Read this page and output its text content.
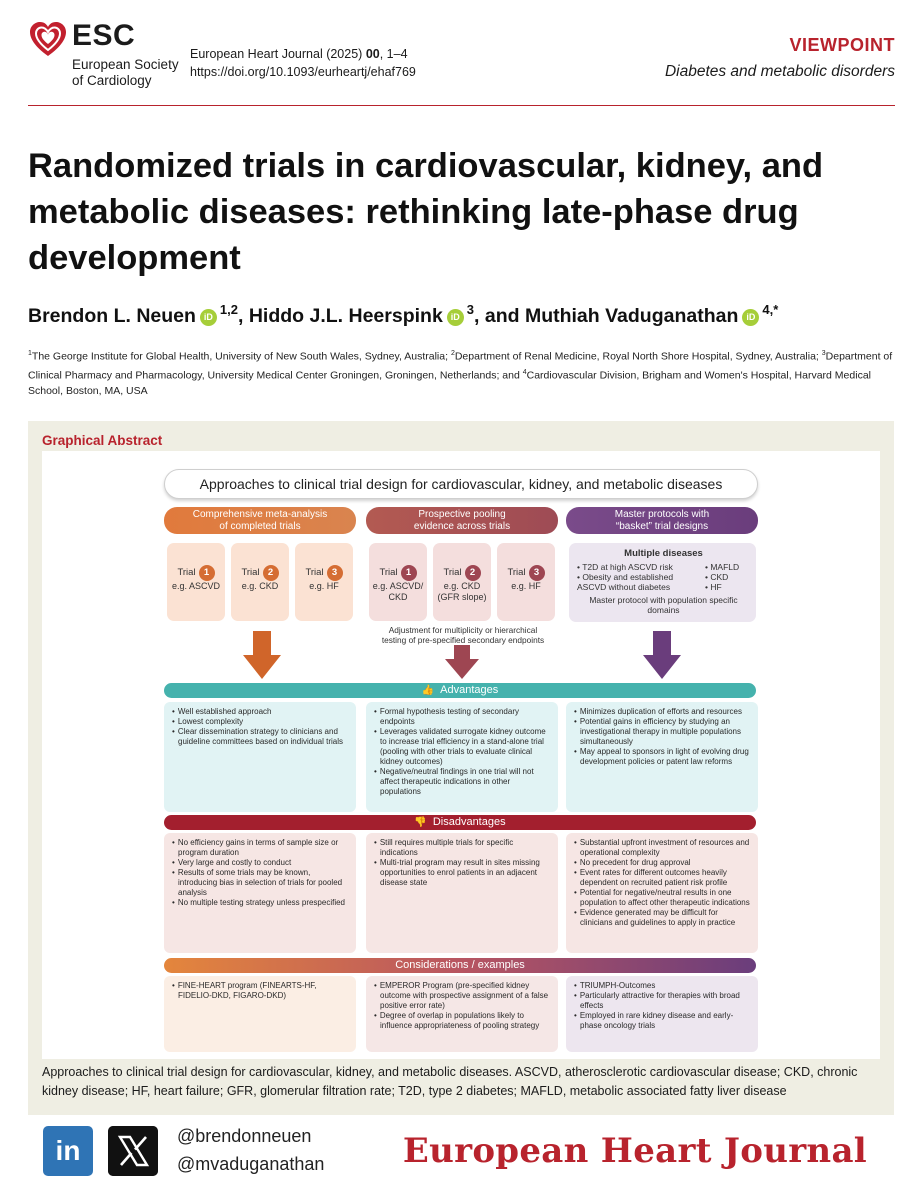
ESC
European Society of Cardiology
European Heart Journal (2025) 00, 1–4
https://doi.org/10.1093/eurheartj/ehaf769
VIEWPOINT
Diabetes and metabolic disorders
Randomized trials in cardiovascular, kidney, and metabolic diseases: rethinking late-phase drug development
Brendon L. Neuen iD $^{1,2}$, Hiddo J.L. Heerspink iD $^3$, and Muthiah Vaduganathan iD $^{4,*}$
$^1$The George Institute for Global Health, University of New South Wales, Sydney, Australia; $^2$Department of Renal Medicine, Royal North Shore Hospital, Sydney, Australia; $^3$Department of Clinical Pharmacy and Pharmacology, University Medical Center Groningen, Groningen, Netherlands; and $^4$Cardiovascular Division, Brigham and Women's Hospital, Harvard Medical School, Boston, MA, USA
Graphical Abstract
Approaches to clinical trial design for cardiovascular, kidney, and metabolic diseases
Comprehensive meta-analysis
of completed trials
Prospective pooling
evidence across trials
Master protocols with
“basket” trial designs
Trial 1
e.g. ASCVD
Trial 2
e.g. CKD
Trial 3
e.g. HF
Trial 1
e.g. ASCVD/
CKD
Trial 2
e.g. CKD
(GFR slope)
Trial 3
e.g. HF
Adjustment for multiplicity or hierarchical
testing of pre-specified secondary endpoints
Multiple diseases
• T2D at high ASCVD risk
• Obesity and established ASCVD without diabetes
• MAFLD
• CKD
• HF
Master protocol with population specific domains
👍 Advantages
• Well established approach
• Lowest complexity
• Clear dissemination strategy to clinicians and guideline committees based on individual trials
• Formal hypothesis testing of secondary endpoints
• Leverages validated surrogate kidney outcome to increase trial efficiency in a stand-alone trial (pooling with other trials to evaluate clinical kidney outcomes)
• Negative/neutral findings in one trial will not affect therapeutic indications in other populations
• Minimizes duplication of efforts and resources
• Potential gains in efficiency by studying an investigational therapy in multiple populations simultaneously
• May appeal to sponsors in light of evolving drug development policies or patent law reforms
👎 Disadvantages
• No efficiency gains in terms of sample size or program duration
• Very large and costly to conduct
• Results of some trials may be known, introducing bias in selection of trials for pooled analysis
• No multiple testing strategy unless prespecified
• Still requires multiple trials for specific indications
• Multi-trial program may result in sites missing opportunities to enrol patients in an adjacent disease state
• Substantial upfront investment of resources and operational complexity
• No precedent for drug approval
• Event rates for different outcomes heavily dependent on recruited patient risk profile
• Potential for negative/neutral results in one population to affect other therapeutic indications
• Evidence generated may be difficult for clinicians and guidelines to apply in practice
Considerations / examples
• FINE-HEART program (FINEARTS-HF, FIDELIO-DKD, FIGARO-DKD)
• EMPEROR Program (pre-specified kidney outcome with prospective assignment of a false positive error rate)
• Degree of overlap in populations likely to influence appropriateness of pooling strategy
• TRIUMPH-Outcomes
• Particularly attractive for therapies with broad effects
• Employed in rare kidney disease and early-phase oncology trials
Approaches to clinical trial design for cardiovascular, kidney, and metabolic diseases. ASCVD, atherosclerotic cardiovascular disease; CKD, chronic kidney disease; HF, heart failure; GFR, glomerular filtration rate; T2D, type 2 diabetes; MAFLD, metabolic associated fatty liver disease
in	@brendonneuen
@mvaduganathan European Heart Journal
